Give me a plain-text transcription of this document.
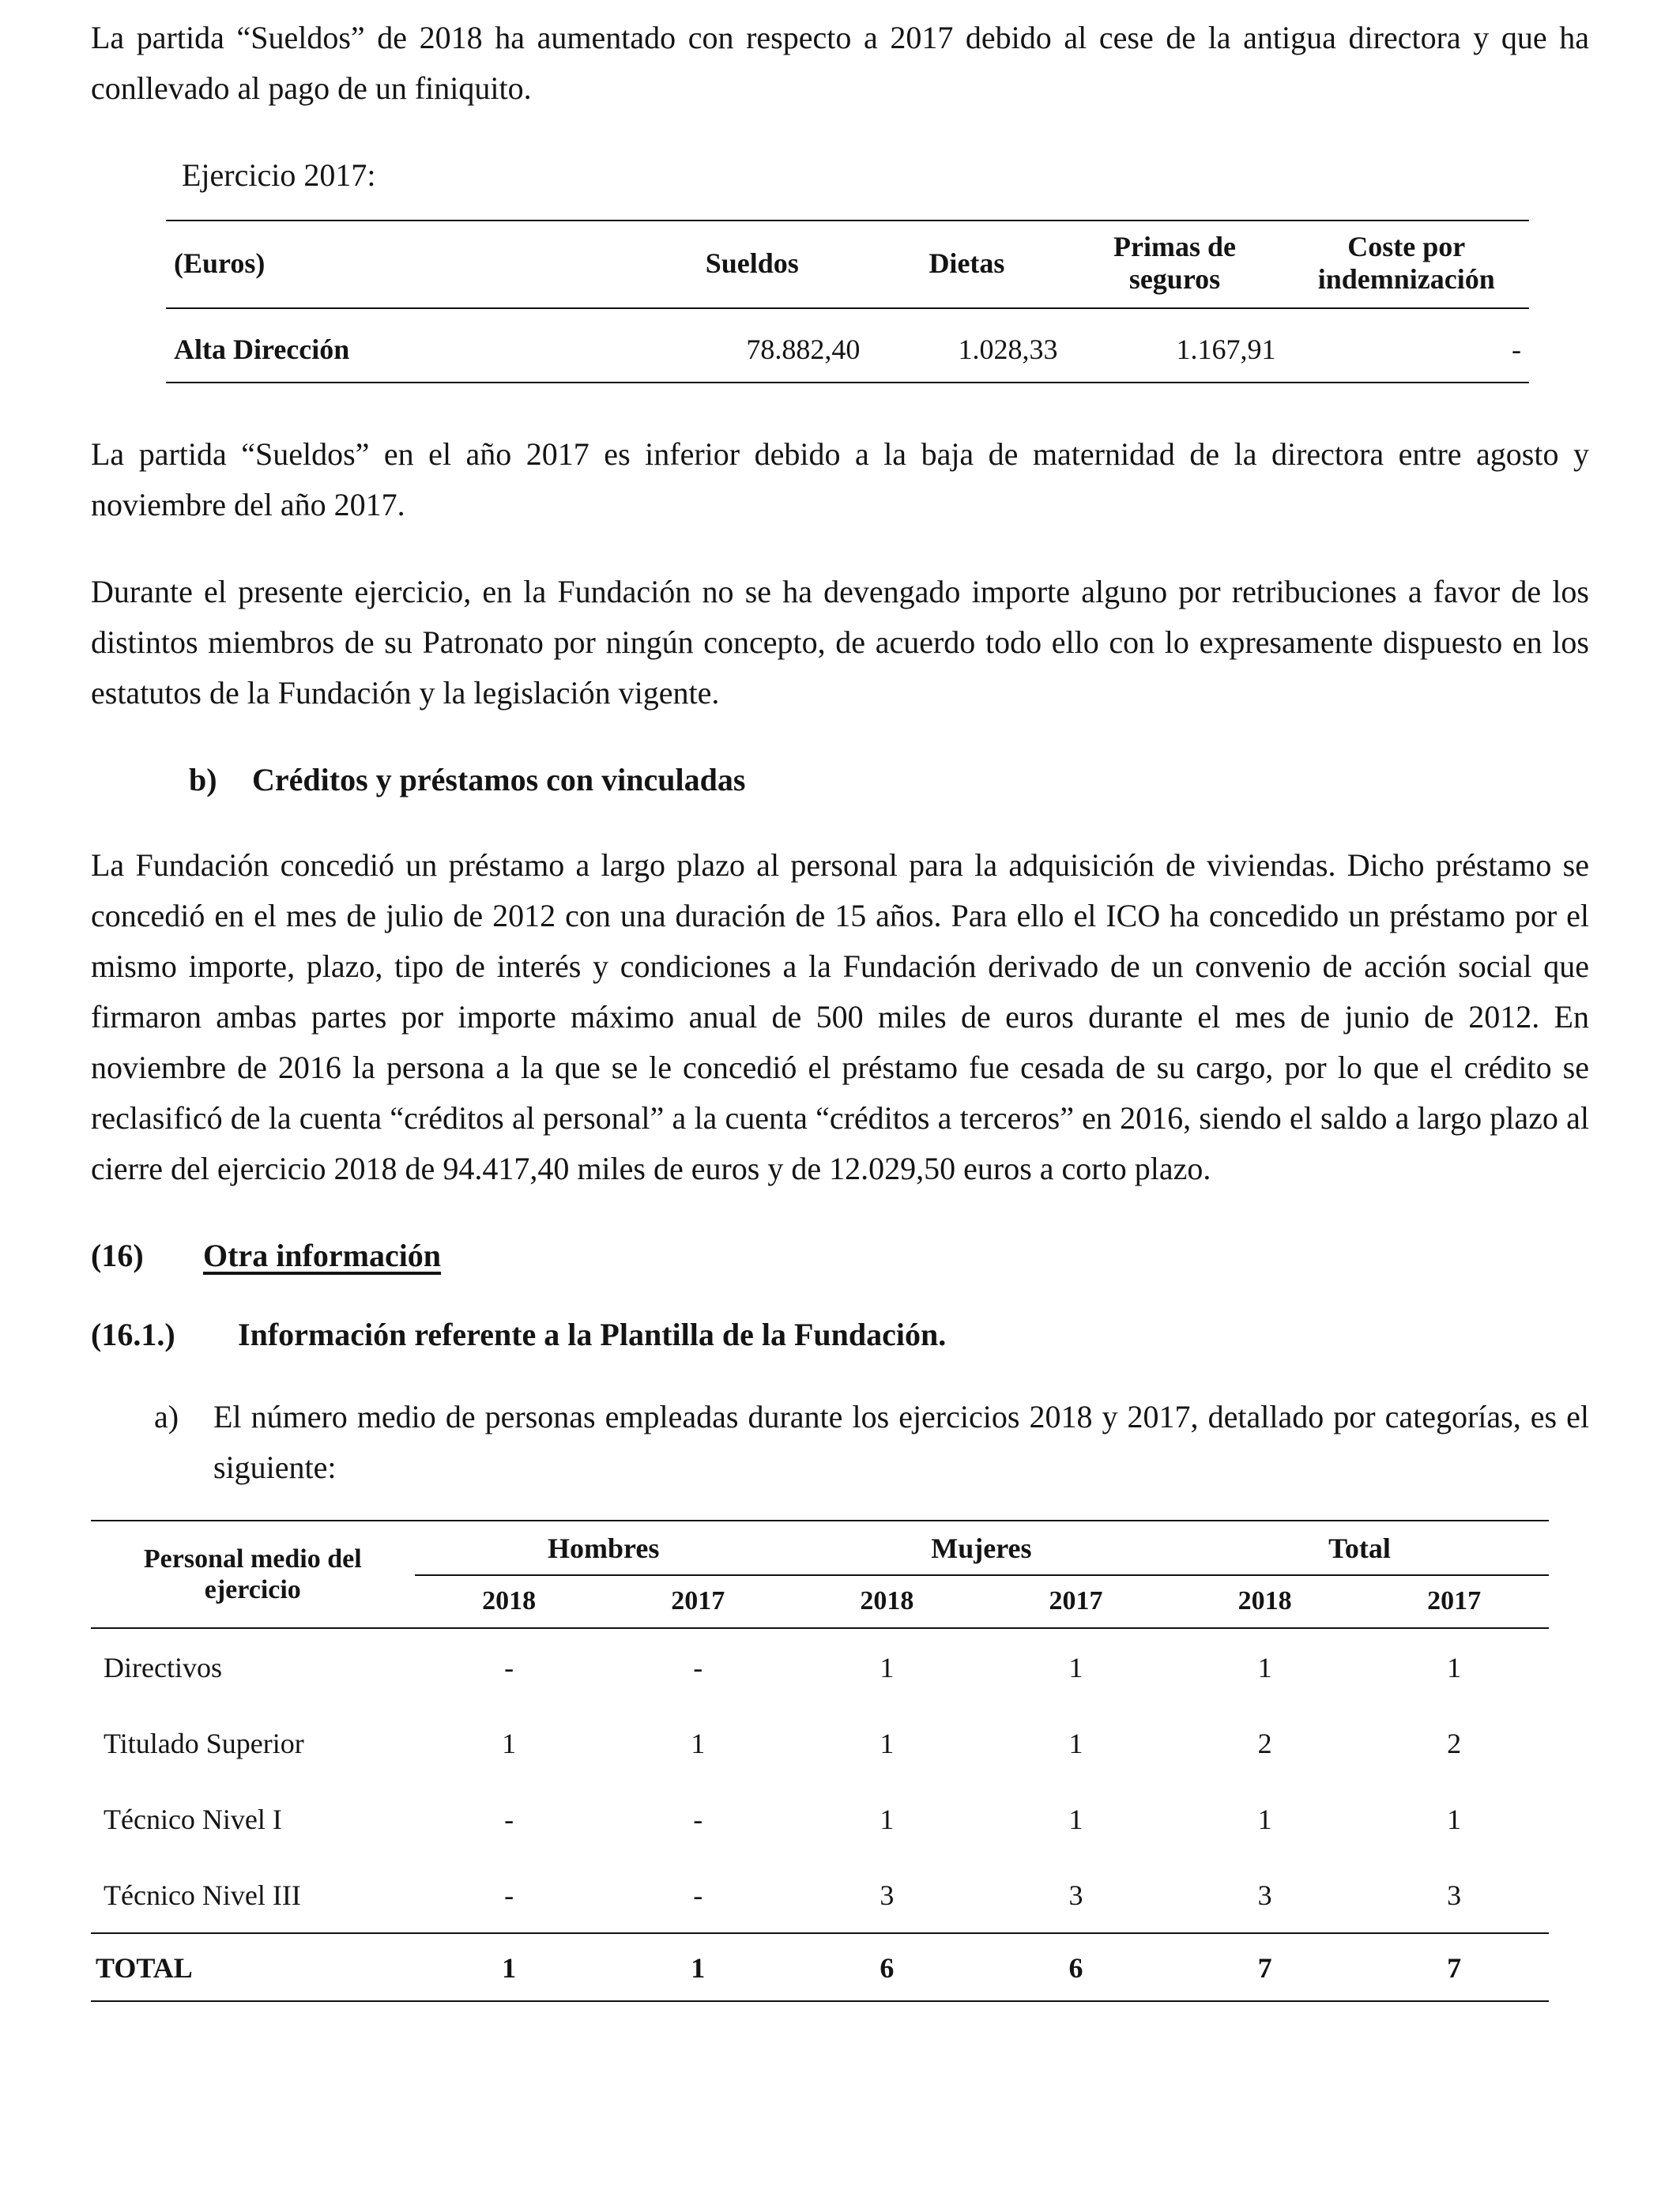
La partida “Sueldos” de 2018 ha aumentado con respecto a 2017 debido al cese de la antigua directora y que ha conllevado al pago de un finiquito.

Ejercicio 2017:
(Euros)	Sueldos	Dietas	Primas de seguros	Coste por indemnización
Alta Dirección	78.882,40	1.028,33	1.167,91	-

La partida “Sueldos” en el año 2017 es inferior debido a la baja de maternidad de la directora entre agosto y noviembre del año 2017.

Durante el presente ejercicio, en la Fundación no se ha devengado importe alguno por retribuciones a favor de los distintos miembros de su Patronato por ningún concepto, de acuerdo todo ello con lo expresamente dispuesto en los estatutos de la Fundación y la legislación vigente.

b)	Créditos y préstamos con vinculadas

La Fundación concedió un préstamo a largo plazo al personal para la adquisición de viviendas. Dicho préstamo se concedió en el mes de julio de 2012 con una duración de 15 años. Para ello el ICO ha concedido un préstamo por el mismo importe, plazo, tipo de interés y condiciones a la Fundación derivado de un convenio de acción social que firmaron ambas partes por importe máximo anual de 500 miles de euros durante el mes de junio de 2012. En noviembre de 2016 la persona a la que se le concedió el préstamo fue cesada de su cargo, por lo que el crédito se reclasificó de la cuenta “créditos al personal” a la cuenta “créditos a terceros” en 2016, siendo el saldo a largo plazo al cierre del ejercicio 2018 de 94.417,40 miles de euros y de 12.029,50 euros a corto plazo.

(16)	Otra información
(16.1.)	Información referente a la Plantilla de la Fundación.
a)	El número medio de personas empleadas durante los ejercicios 2018 y 2017, detallado por categorías, es el siguiente:
Personal medio del ejercicio	Hombres		Mujeres		Total	
	2018	2017	2018	2017	2018	2017
Directivos	-	-	1	1	1	1
Titulado Superior	1	1	1	1	2	2
Técnico Nivel I	-	-	1	1	1	1
Técnico Nivel III	-	-	3	3	3	3
TOTAL	1	1	6	6	7	7
